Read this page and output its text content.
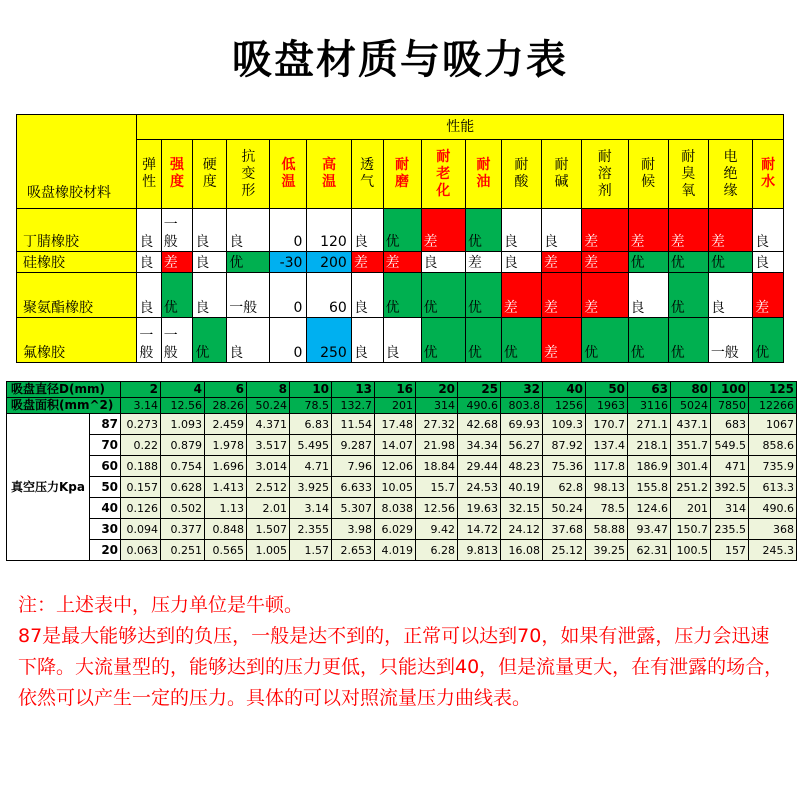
吸盘材质与吸力表
吸盘橡胶材料	性能																
	弹性	强度	硬度	抗变形	低温	高温	透气	耐磨	耐老化	耐油	耐酸	耐碱	耐溶剂	耐候	耐臭氧	电绝缘	耐水
丁腈橡胶	良	一般	良	良	0	120	良	优	差	优	良	良	差	差	差	差	良
硅橡胶	良	差	良	优	-30	200	差	差	良	差	良	差	差	优	优	优	良
聚氨酯橡胶	良	优	良	一般	0	60	良	优	优	优	差	差	差	良	优	良	差
氟橡胶	一般	一般	优	良	0	250	良	良	优	优	优	差	优	优	优	一般	优
吸盘直径D(mm)		2	4	6	8	10	13	16	20	25	32	40	50	63	80	100	125
吸盘面积(mm^2)		3.14	12.56	28.26	50.24	78.5	132.7	201	314	490.6	803.8	1256	1963	3116	5024	7850	12266
真空压力Kpa	87	0.273	1.093	2.459	4.371	6.83	11.54	17.48	27.32	42.68	69.93	109.3	170.7	271.1	437.1	683	1067
	70	0.22	0.879	1.978	3.517	5.495	9.287	14.07	21.98	34.34	56.27	87.92	137.4	218.1	351.7	549.5	858.6
	60	0.188	0.754	1.696	3.014	4.71	7.96	12.06	18.84	29.44	48.23	75.36	117.8	186.9	301.4	471	735.9
	50	0.157	0.628	1.413	2.512	3.925	6.633	10.05	15.7	24.53	40.19	62.8	98.13	155.8	251.2	392.5	613.3
	40	0.126	0.502	1.13	2.01	3.14	5.307	8.038	12.56	19.63	32.15	50.24	78.5	124.6	201	314	490.6
	30	0.094	0.377	0.848	1.507	2.355	3.98	6.029	9.42	14.72	24.12	37.68	58.88	93.47	150.7	235.5	368
	20	0.063	0.251	0.565	1.005	1.57	2.653	4.019	6.28	9.813	16.08	25.12	39.25	62.31	100.5	157	245.3

注：上述表中，压力单位是牛顿。

87是最大能够达到的负压，一般是达不到的，正常可以达到70，如果有泄露，压力会迅速下降。大流量型的，能够达到的压力更低，只能达到40，但是流量更大，在有泄露的场合，依然可以产生一定的压力。具体的可以对照流量压力曲线表。
